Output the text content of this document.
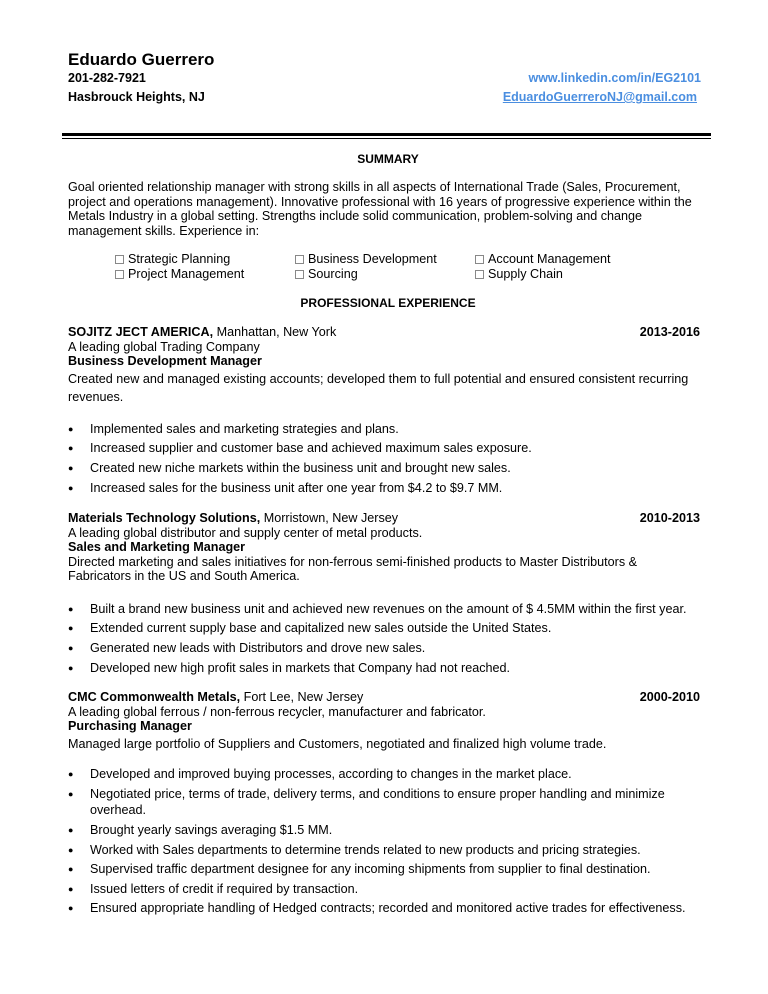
Eduardo Guerrero
201-282-7921
Hasbrouck Heights, NJ
www.linkedin.com/in/EG2101
EduardoGuerreroNJ@gmail.com
SUMMARY
Goal oriented relationship manager with strong skills in all aspects of International Trade (Sales, Procurement, project and operations management). Innovative professional with 16 years of progressive experience within the Metals Industry in a global setting. Strengths include solid communication, problem-solving and change management skills. Experience in:
Strategic Planning	Business Development	Account Management
Project Management	Sourcing	Supply Chain
PROFESSIONAL EXPERIENCE
SOJITZ JECT AMERICA, Manhattan, New York	2013-2016
A leading global Trading Company
Business Development Manager
Created new and managed existing accounts; developed them to full potential and ensured consistent recurring revenues.
● Implemented sales and marketing strategies and plans.
● Increased supplier and customer base and achieved maximum sales exposure.
● Created new niche markets within the business unit and brought new sales.
● Increased sales for the business unit after one year from $4.2 to $9.7 MM.
Materials Technology Solutions, Morristown, New Jersey	2010-2013
A leading global distributor and supply center of metal products.
Sales and Marketing Manager
Directed marketing and sales initiatives for non-ferrous semi-finished products to Master Distributors & Fabricators in the US and South America.
● Built a brand new business unit and achieved new revenues on the amount of $ 4.5MM within the first year.
● Extended current supply base and capitalized new sales outside the United States.
● Generated new leads with Distributors and drove new sales.
● Developed new high profit sales in markets that Company had not reached.
CMC Commonwealth Metals, Fort Lee, New Jersey	2000-2010
A leading global ferrous / non-ferrous recycler, manufacturer and fabricator.
Purchasing Manager
Managed large portfolio of Suppliers and Customers, negotiated and finalized high volume trade.
● Developed and improved buying processes, according to changes in the market place.
● Negotiated price, terms of trade, delivery terms, and conditions to ensure proper handling and minimize overhead.
● Brought yearly savings averaging $1.5 MM.
● Worked with Sales departments to determine trends related to new products and pricing strategies.
● Supervised traffic department designee for any incoming shipments from supplier to final destination.
● Issued letters of credit if required by transaction.
● Ensured appropriate handling of Hedged contracts; recorded and monitored active trades for effectiveness.
